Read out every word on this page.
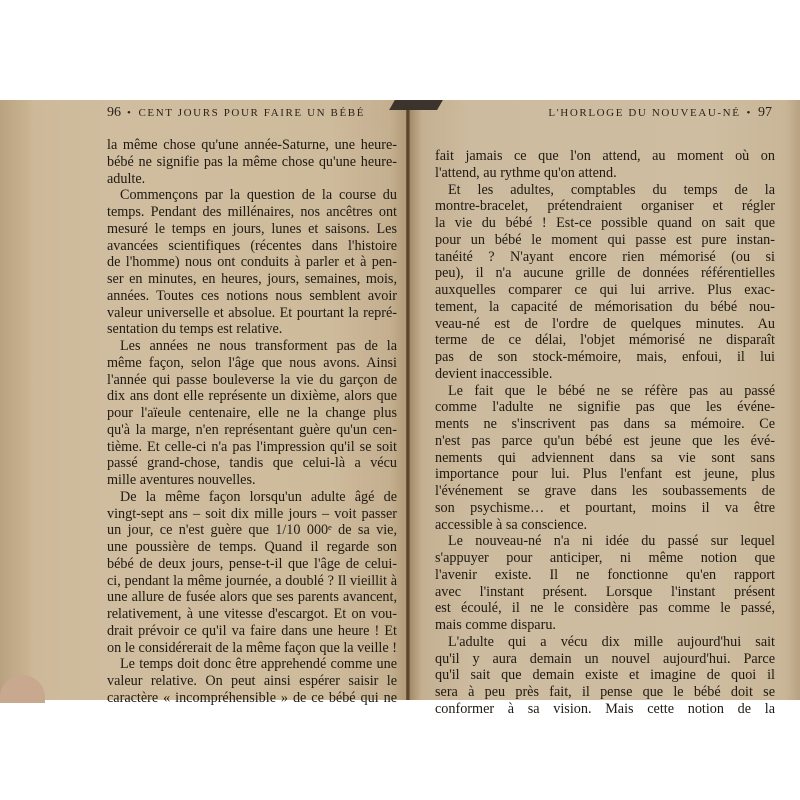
96 • CENT JOURS POUR FAIRE UN BÉBÉ
la même chose qu'une année-Saturne, une heure-
bébé ne signifie pas la même chose qu'une heure-
adulte.
Commençons par la question de la course du
temps. Pendant des millénaires, nos ancêtres ont
mesuré le temps en jours, lunes et saisons. Les
avancées scientifiques (récentes dans l'histoire
de l'homme) nous ont conduits à parler et à pen-
ser en minutes, en heures, jours, semaines, mois,
années. Toutes ces notions nous semblent avoir
valeur universelle et absolue. Et pourtant la repré-
sentation du temps est relative.
Les années ne nous transforment pas de la
même façon, selon l'âge que nous avons. Ainsi
l'année qui passe bouleverse la vie du garçon de
dix ans dont elle représente un dixième, alors que
pour l'aïeule centenaire, elle ne la change plus
qu'à la marge, n'en représentant guère qu'un cen-
tième. Et celle-ci n'a pas l'impression qu'il se soit
passé grand-chose, tandis que celui-là a vécu
mille aventures nouvelles.
De la même façon lorsqu'un adulte âgé de
vingt-sept ans – soit dix mille jours – voit passer
un jour, ce n'est guère que 1/10 000ᵉ de sa vie,
une poussière de temps. Quand il regarde son
bébé de deux jours, pense-t-il que l'âge de celui-
ci, pendant la même journée, a doublé ? Il vieillit à
une allure de fusée alors que ses parents avancent,
relativement, à une vitesse d'escargot. Et on vou-
drait prévoir ce qu'il va faire dans une heure ! Et
on le considérerait de la même façon que la veille !
Le temps doit donc être apprehendé comme une
valeur relative. On peut ainsi espérer saisir le
caractère « incompréhensible » de ce bébé qui ne
L'HORLOGE DU NOUVEAU-NÉ • 97
fait jamais ce que l'on attend, au moment où on
l'attend, au rythme qu'on attend.
Et les adultes, comptables du temps de la
montre-bracelet, prétendraient organiser et régler
la vie du bébé ! Est-ce possible quand on sait que
pour un bébé le moment qui passe est pure instan-
tanéité ? N'ayant encore rien mémorisé (ou si
peu), il n'a aucune grille de données référentielles
auxquelles comparer ce qui lui arrive. Plus exac-
tement, la capacité de mémorisation du bébé nou-
veau-né est de l'ordre de quelques minutes. Au
terme de ce délai, l'objet mémorisé ne disparaît
pas de son stock-mémoire, mais, enfoui, il lui
devient inaccessible.
Le fait que le bébé ne se réfère pas au passé
comme l'adulte ne signifie pas que les événe-
ments ne s'inscrivent pas dans sa mémoire. Ce
n'est pas parce qu'un bébé est jeune que les évé-
nements qui adviennent dans sa vie sont sans
importance pour lui. Plus l'enfant est jeune, plus
l'événement se grave dans les soubassements de
son psychisme… et pourtant, moins il va être
accessible à sa conscience.
Le nouveau-né n'a ni idée du passé sur lequel
s'appuyer pour anticiper, ni même notion que
l'avenir existe. Il ne fonctionne qu'en rapport
avec l'instant présent. Lorsque l'instant présent
est écoulé, il ne le considère pas comme le passé,
mais comme disparu.
L'adulte qui a vécu dix mille aujourd'hui sait
qu'il y aura demain un nouvel aujourd'hui. Parce
qu'il sait que demain existe et imagine de quoi il
sera à peu près fait, il pense que le bébé doit se
conformer à sa vision. Mais cette notion de la
